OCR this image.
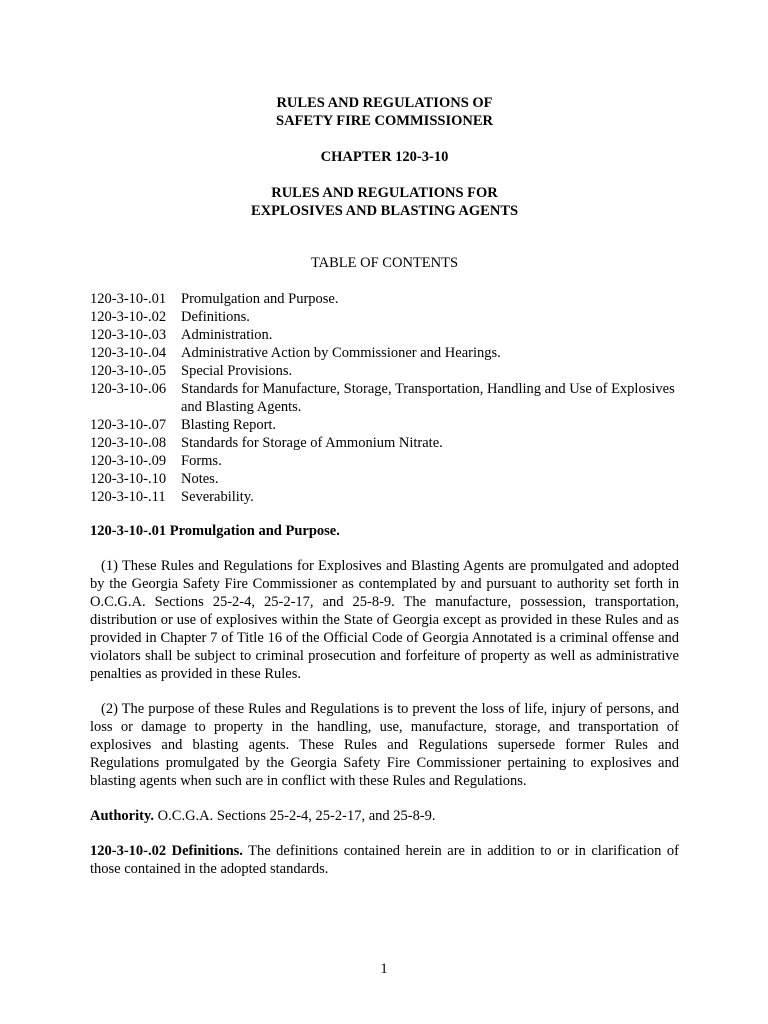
RULES AND REGULATIONS OF

SAFETY FIRE COMMISSIONER

CHAPTER 120-3-10

RULES AND REGULATIONS FOR

EXPLOSIVES AND BLASTING AGENTS

TABLE OF CONTENTS

120-3-10-.01	Promulgation and Purpose.
120-3-10-.02	Definitions.
120-3-10-.03	Administration.
120-3-10-.04	Administrative Action by Commissioner and Hearings.
120-3-10-.05	Special Provisions.
120-3-10-.06	Standards for Manufacture, Storage, Transportation, Handling and Use of Explosives and Blasting Agents.
120-3-10-.07	Blasting Report.
120-3-10-.08	Standards for Storage of Ammonium Nitrate.
120-3-10-.09	Forms.
120-3-10-.10	Notes.
120-3-10-.11	Severability.

120-3-10-.01 Promulgation and Purpose.

(1) These Rules and Regulations for Explosives and Blasting Agents are promulgated and adopted by the Georgia Safety Fire Commissioner as contemplated by and pursuant to authority set forth in O.C.G.A. Sections 25-2-4, 25-2-17, and 25-8-9. The manufacture, possession, transportation, distribution or use of explosives within the State of Georgia except as provided in these Rules and as provided in Chapter 7 of Title 16 of the Official Code of Georgia Annotated is a criminal offense and violators shall be subject to criminal prosecution and forfeiture of property as well as administrative penalties as provided in these Rules.

(2) The purpose of these Rules and Regulations is to prevent the loss of life, injury of persons, and loss or damage to property in the handling, use, manufacture, storage, and transportation of explosives and blasting agents. These Rules and Regulations supersede former Rules and Regulations promulgated by the Georgia Safety Fire Commissioner pertaining to explosives and blasting agents when such are in conflict with these Rules and Regulations.

Authority. O.C.G.A. Sections 25-2-4, 25-2-17, and 25-8-9.

120-3-10-.02 Definitions. The definitions contained herein are in addition to or in clarification of those contained in the adopted standards.

1
